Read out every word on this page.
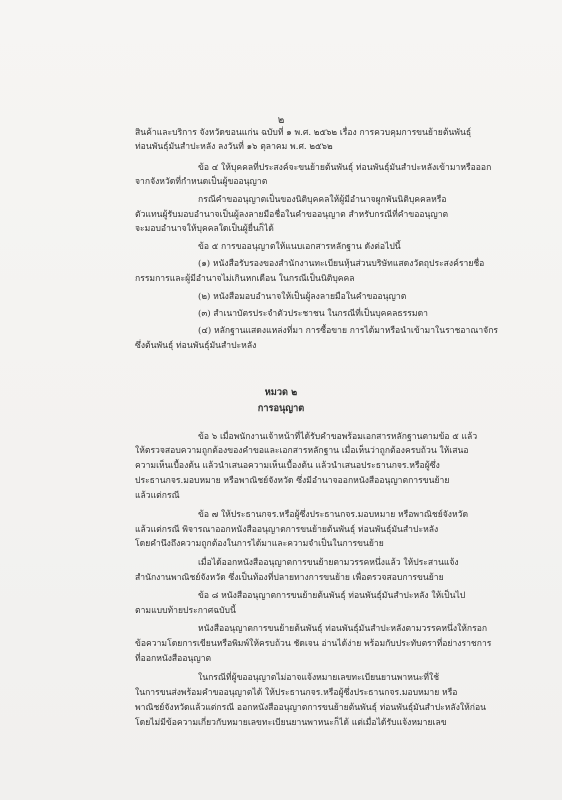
๒
สินค้าและบริการ จังหวัดขอนแก่น ฉบับที่ ๑ พ.ศ. ๒๕๖๒ เรื่อง การควบคุมการขนย้ายต้นพันธุ์
ท่อนพันธุ์มันสำปะหลัง ลงวันที่ ๑๖ ตุลาคม พ.ศ. ๒๕๖๒
ข้อ ๔ ให้บุคคลที่ประสงค์จะขนย้ายต้นพันธุ์ ท่อนพันธุ์มันสำปะหลังเข้ามาหรือออก
จากจังหวัดที่กำหนดเป็นผู้ขออนุญาต
กรณีคำขออนุญาตเป็นของนิติบุคคลให้ผู้มีอำนาจผูกพันนิติบุคคลหรือ
ตัวแทนผู้รับมอบอำนาจเป็นผู้ลงลายมือชื่อในคำขออนุญาต สำหรับกรณีที่คำขออนุญาต
จะมอบอำนาจให้บุคคลใดเป็นผู้ยื่นก็ได้
ข้อ ๕ การขออนุญาตให้แนบเอกสารหลักฐาน ดังต่อไปนี้
(๑) หนังสือรับรองของสำนักงานทะเบียนหุ้นส่วนบริษัทแสดงวัตถุประสงค์รายชื่อ
กรรมการและผู้มีอำนาจไม่เกินหกเดือน ในกรณีเป็นนิติบุคคล
(๒) หนังสือมอบอำนาจให้เป็นผู้ลงลายมือในคำขออนุญาต
(๓) สำเนาบัตรประจำตัวประชาชน ในกรณีที่เป็นบุคคลธรรมดา
(๔) หลักฐานแสดงแหล่งที่มา การซื้อขาย การได้มาหรือนำเข้ามาในราชอาณาจักร
ซึ่งต้นพันธุ์ ท่อนพันธุ์มันสำปะหลัง
หมวด ๒
การอนุญาต
ข้อ ๖ เมื่อพนักงานเจ้าหน้าที่ได้รับคำขอพร้อมเอกสารหลักฐานตามข้อ ๕ แล้ว
ให้ตรวจสอบความถูกต้องของคำขอและเอกสารหลักฐาน เมื่อเห็นว่าถูกต้องครบถ้วน ให้เสนอ
ความเห็นเบื้องต้น แล้วนำเสนอความเห็นเบื้องต้น แล้วนำเสนอประธานกจร.หรือผู้ซึ่ง
ประธานกจร.มอบหมาย หรือพาณิชย์จังหวัด ซึ่งมีอำนาจออกหนังสืออนุญาตการขนย้าย
แล้วแต่กรณี
ข้อ ๗ ให้ประธานกจร.หรือผู้ซึ่งประธานกจร.มอบหมาย หรือพาณิชย์จังหวัด
แล้วแต่กรณี พิจารณาออกหนังสืออนุญาตการขนย้ายต้นพันธุ์ ท่อนพันธุ์มันสำปะหลัง
โดยคำนึงถึงความถูกต้องในการได้มาและความจำเป็นในการขนย้าย
เมื่อได้ออกหนังสืออนุญาตการขนย้ายตามวรรคหนึ่งแล้ว ให้ประสานแจ้ง
สำนักงานพาณิชย์จังหวัด ซึ่งเป็นท้องที่ปลายทางการขนย้าย เพื่อตรวจสอบการขนย้าย
ข้อ ๘ หนังสืออนุญาตการขนย้ายต้นพันธุ์ ท่อนพันธุ์มันสำปะหลัง ให้เป็นไป
ตามแบบท้ายประกาศฉบับนี้
หนังสืออนุญาตการขนย้ายต้นพันธุ์ ท่อนพันธุ์มันสำปะหลังตามวรรคหนึ่งให้กรอก
ข้อความโดยการเขียนหรือพิมพ์ให้ครบถ้วน ชัดเจน อ่านได้ง่าย พร้อมกับประทับตราที่อย่างราชการ
ที่ออกหนังสืออนุญาต
ในกรณีที่ผู้ขออนุญาตไม่อาจแจ้งหมายเลขทะเบียนยานพาหนะที่ใช้
ในการขนส่งพร้อมคำขออนุญาตได้ ให้ประธานกจร.หรือผู้ซึ่งประธานกจร.มอบหมาย หรือ
พาณิชย์จังหวัดแล้วแต่กรณี ออกหนังสืออนุญาตการขนย้ายต้นพันธุ์ ท่อนพันธุ์มันสำปะหลังให้ก่อน
โดยไม่มีข้อความเกี่ยวกับหมายเลขทะเบียนยานพาหนะก็ได้ แต่เมื่อได้รับแจ้งหมายเลข
